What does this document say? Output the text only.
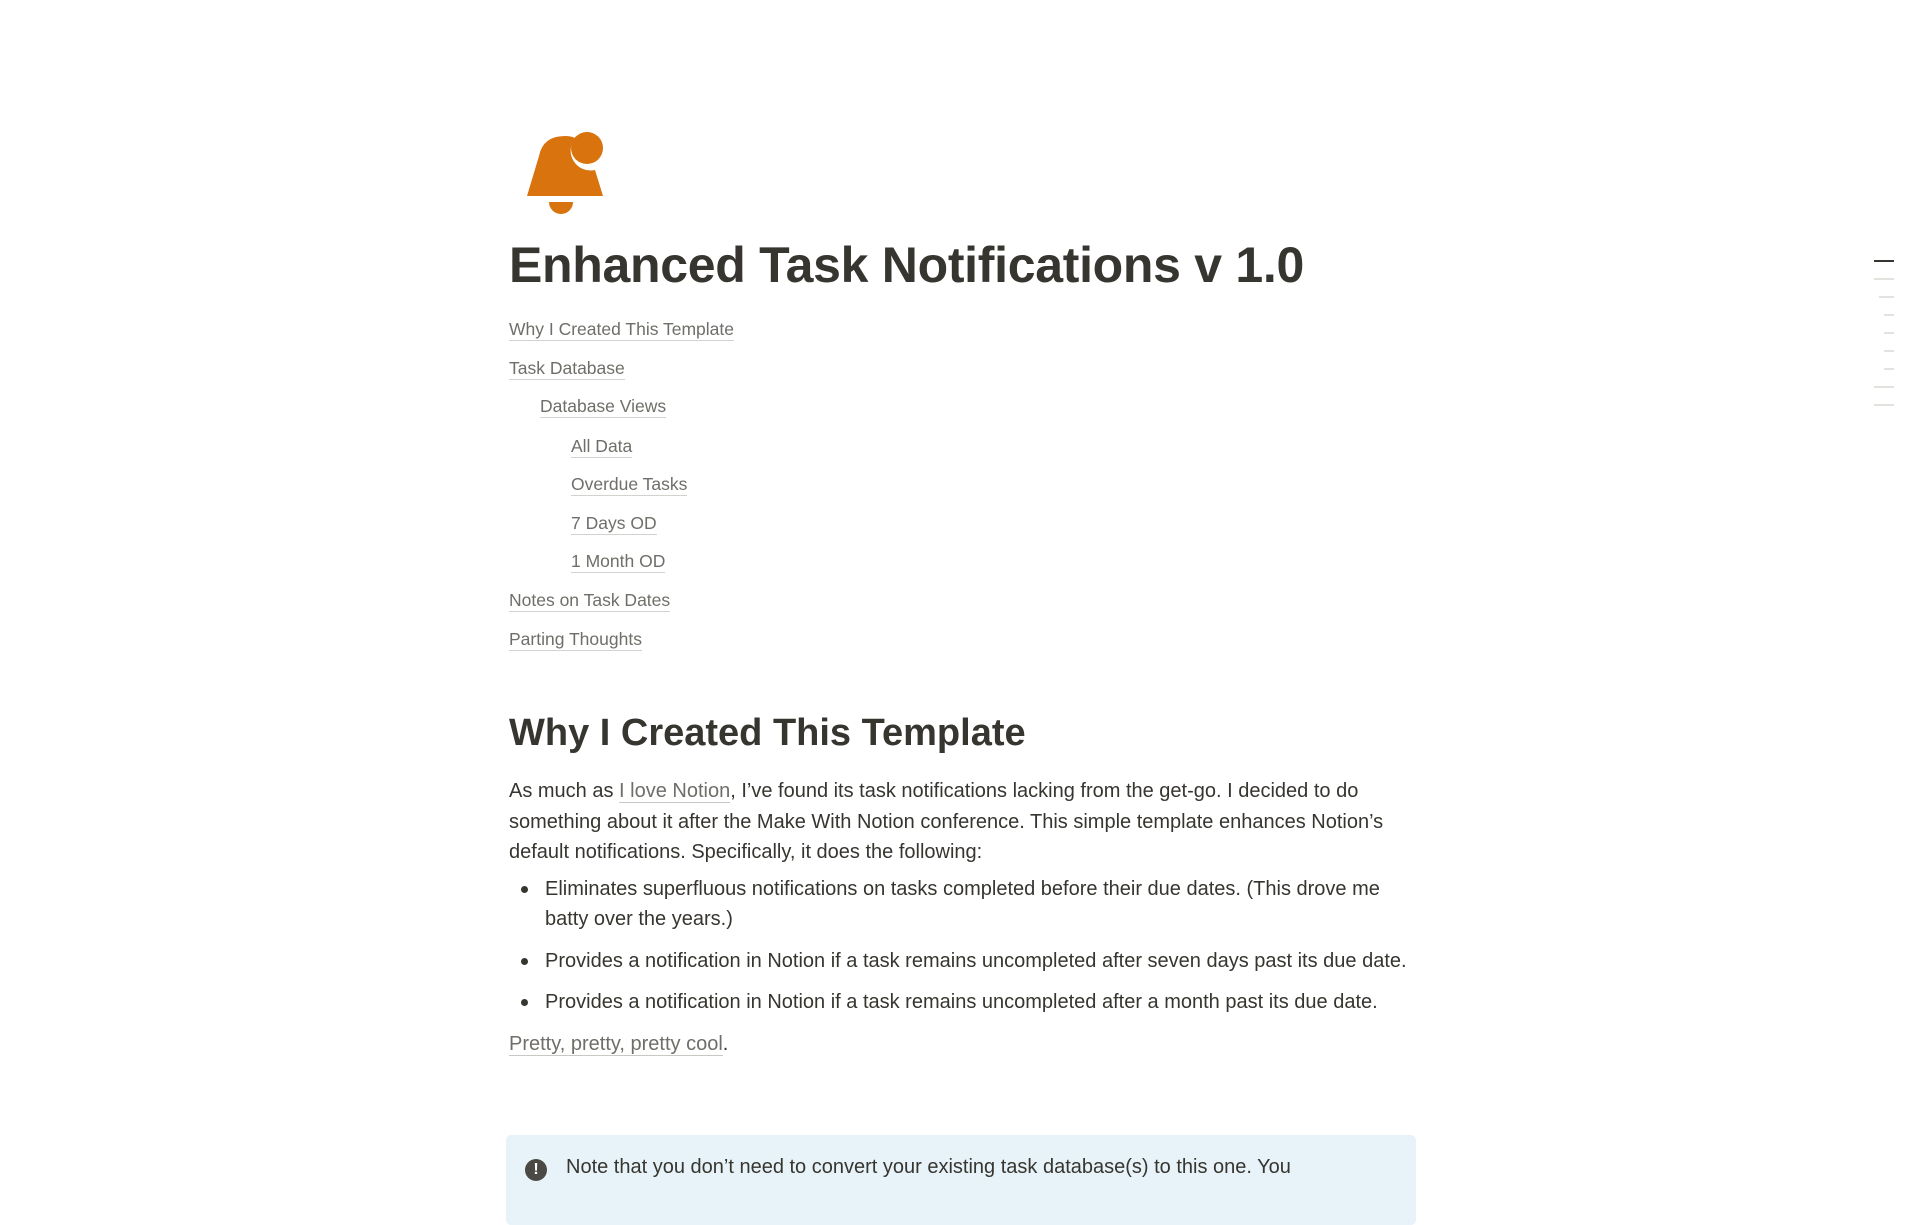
Enhanced Task Notifications v 1.0
Why I Created This Template
Task Database
Database Views
All Data
Overdue Tasks
7 Days OD
1 Month OD
Notes on Task Dates
Parting Thoughts
Why I Created This Template

As much as I love Notion, I’ve found its task notifications lacking from the get-go. I decided to do something about it after the Make With Notion conference. This simple template enhances Notion’s default notifications. Specifically, it does the following:

Eliminates superfluous notifications on tasks completed before their due dates. (This drove me batty over the years.)
Provides a notification in Notion if a task remains uncompleted after seven days past its due date.
Provides a notification in Notion if a task remains uncompleted after a month past its due date.

Pretty, pretty, pretty cool.

!	Note that you don’t need to convert your existing task database(s) to this one. You
